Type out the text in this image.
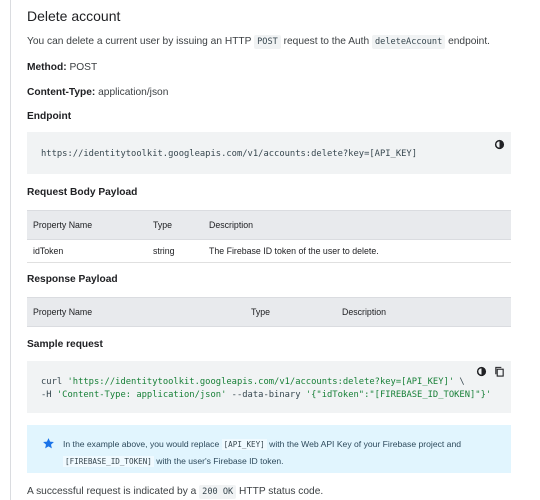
Delete account
You can delete a current user by issuing an HTTP POST request to the Auth deleteAccount endpoint.
Method: POST
Content-Type: application/json
Endpoint
https://identitytoolkit.googleapis.com/v1/accounts:delete?key=[API_KEY]
Request Body Payload
Property Name	Type	Description
idToken	string	The Firebase ID token of the user to delete.
Response Payload
Property Name	Type	Description
Sample request
curl 'https://identitytoolkit.googleapis.com/v1/accounts:delete?key=[API_KEY]' \
-H 'Content-Type: application/json' --data-binary '{"idToken":"[FIREBASE_ID_TOKEN]"}'
In the example above, you would replace [API_KEY] with the Web API Key of your Firebase project and
[FIREBASE_ID_TOKEN] with the user's Firebase ID token.
A successful request is indicated by a 200 OK HTTP status code.
